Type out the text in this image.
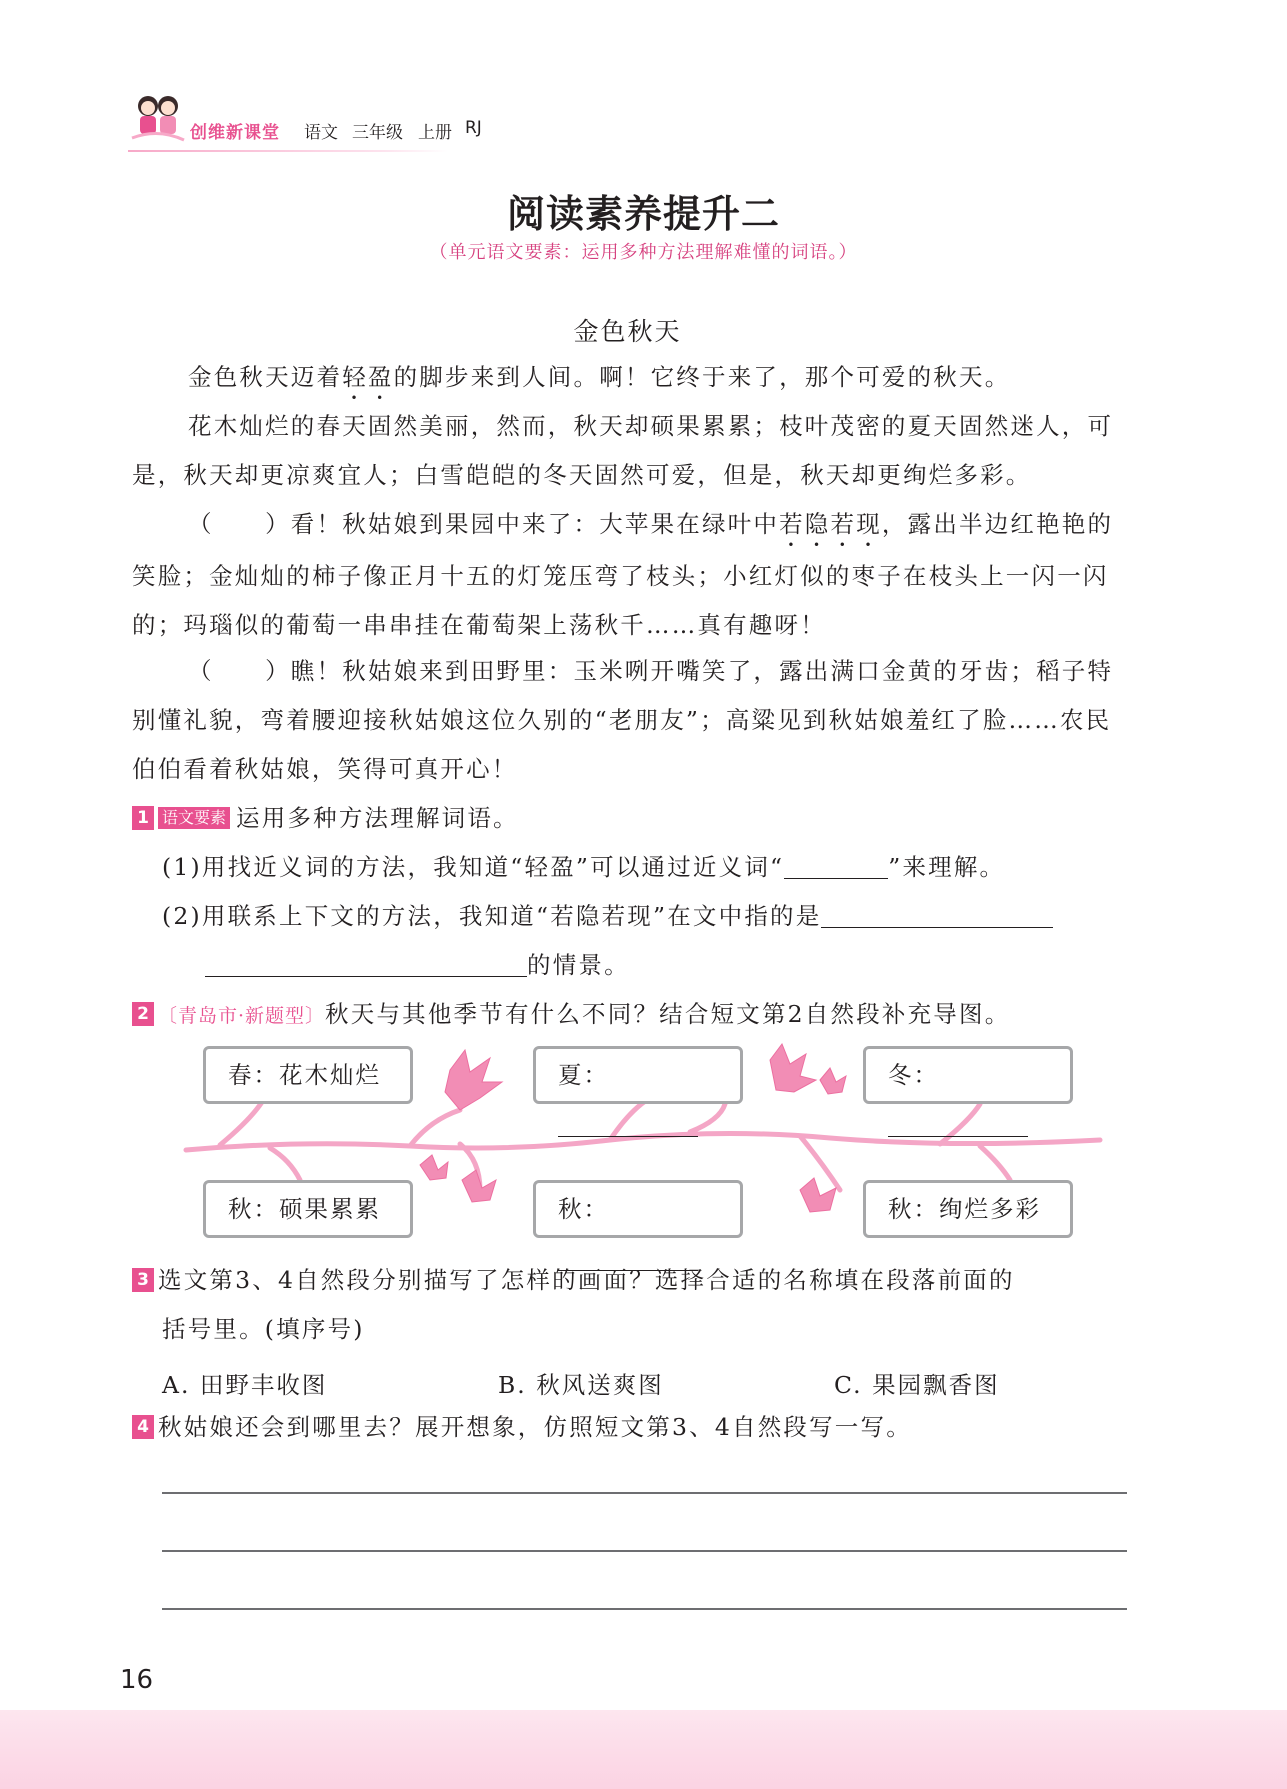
创维新课堂 语文 三年级 上册 RJ
阅读素养提升二
（单元语文要素：运用多种方法理解难懂的词语。）
金色秋天

金色秋天迈着轻盈的脚步来到人间。啊！它终于来了，那个可爱的秋天。

花木灿烂的春天固然美丽，然而，秋天却硕果累累；枝叶茂密的夏天固然迷人，可是，秋天却更凉爽宜人；白雪皑皑的冬天固然可爱，但是，秋天却更绚烂多彩。

（　　）看！秋姑娘到果园中来了：大苹果在绿叶中若隐若现，露出半边红艳艳的笑脸；金灿灿的柿子像正月十五的灯笼压弯了枝头；小红灯似的枣子在枝头上一闪一闪的；玛瑙似的葡萄一串串挂在葡萄架上荡秋千……真有趣呀！

（　　）瞧！秋姑娘来到田野里：玉米咧开嘴笑了，露出满口金黄的牙齿；稻子特别懂礼貌，弯着腰迎接秋姑娘这位久别的“老朋友”；高粱见到秋姑娘羞红了脸……农民伯伯看着秋姑娘，笑得可真开心！

1 语文要素 运用多种方法理解词语。
(1)用找近义词的方法，我知道“轻盈”可以通过近义词“	”来理解。
(2)用联系上下文的方法，我知道“若隐若现”在文中指的是
的情景。
2 〔青岛市·新题型〕秋天与其他季节有什么不同？结合短文第2自然段补充导图。
春：花木灿烂	夏：	冬：
秋：硕果累累	秋：	秋：绚烂多彩
3 选文第3、4自然段分别描写了怎样的画面？选择合适的名称填在段落前面的
括号里。(填序号)
A. 田野丰收图	B. 秋风送爽图	C. 果园飘香图
4 秋姑娘还会到哪里去？展开想象，仿照短文第3、4自然段写一写。
16
